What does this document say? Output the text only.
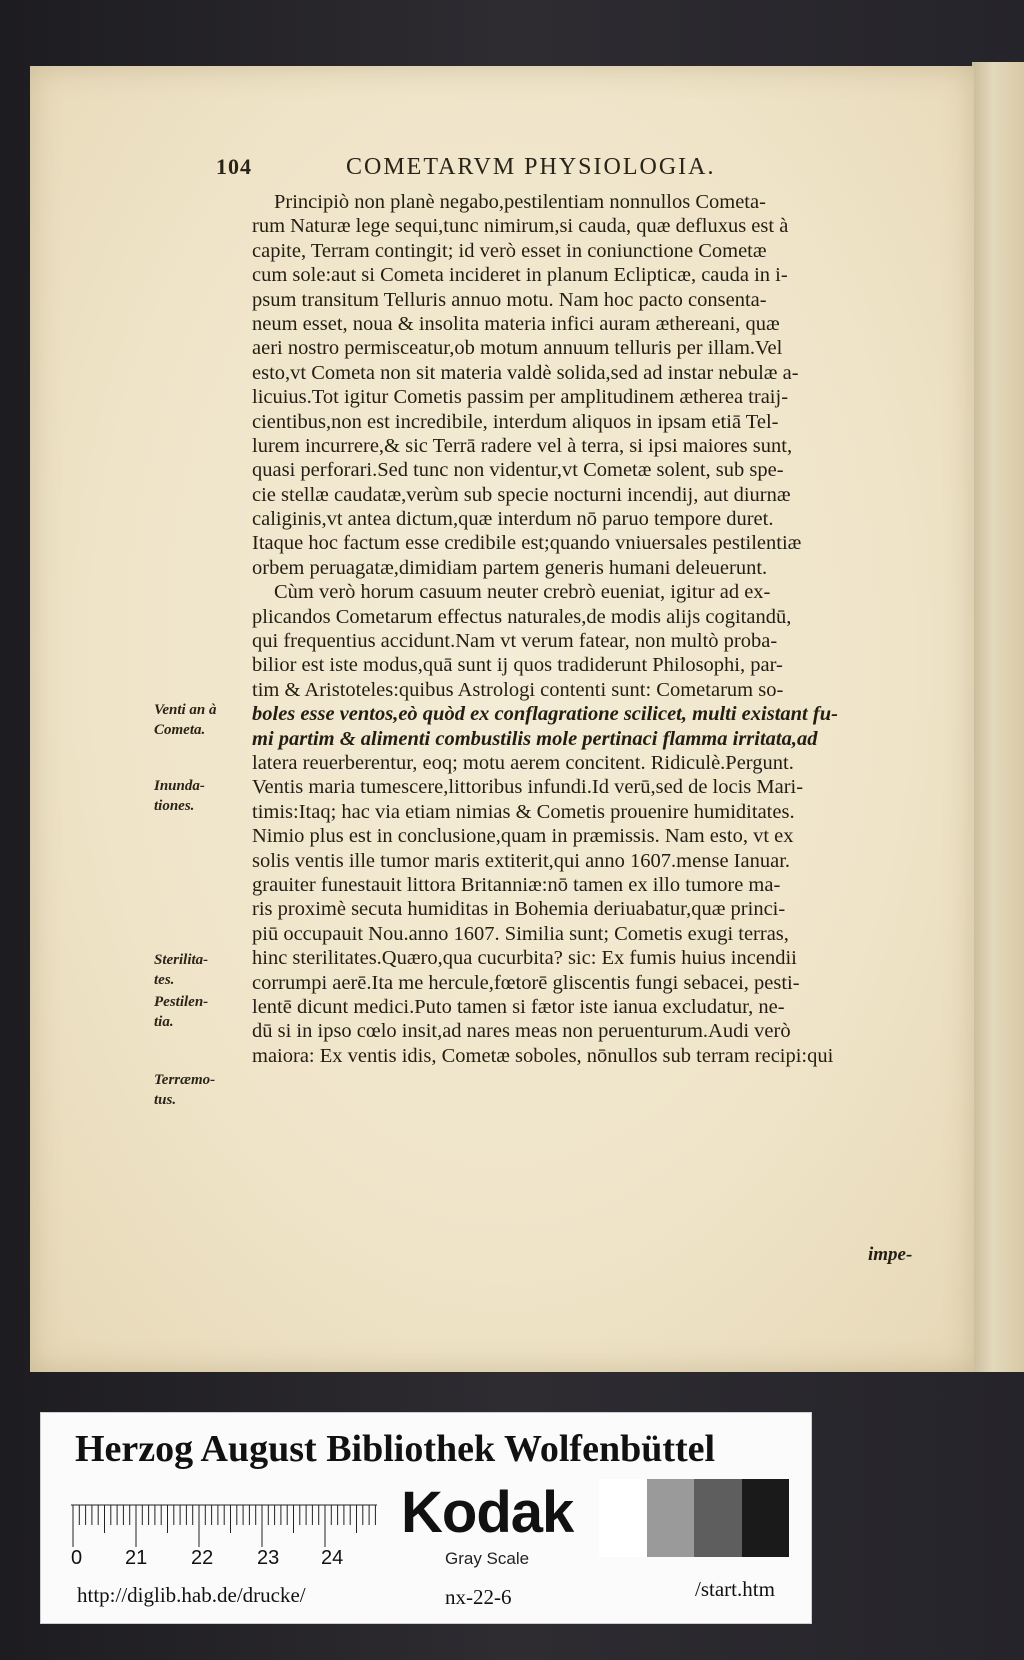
104	COMETARVM PHYSIOLOGIA.
Principiò non planè negabo,pestilentiam nonnullos Cometa-
rum Naturæ lege sequi,tunc nimirum,si cauda, quæ defluxus est à
capite, Terram contingit; id verò esset in coniunctione Cometæ
cum sole:aut si Cometa incideret in planum Eclipticæ, cauda in i-
psum transitum Telluris annuo motu. Nam hoc pacto consenta-
neum esset, noua & insolita materia infici auram æthereani, quæ
aeri nostro permisceatur,ob motum annuum telluris per illam.Vel
esto,vt Cometa non sit materia valdè solida,sed ad instar nebulæ a-
licuius.Tot igitur Cometis passim per amplitudinem ætherea traij-
cientibus,non est incredibile, interdum aliquos in ipsam etiā Tel-
lurem incurrere,& sic Terrā radere vel à terra, si ipsi maiores sunt,
quasi perforari.Sed tunc non videntur,vt Cometæ solent, sub spe-
cie stellæ caudatæ,verùm sub specie nocturni incendij, aut diurnæ
caliginis,vt antea dictum,quæ interdum nō paruo tempore duret.
Itaque hoc factum esse credibile est;quando vniuersales pestilentiæ
orbem peruagatæ,dimidiam partem generis humani deleuerunt.
Cùm verò horum casuum neuter crebrò eueniat, igitur ad ex-
plicandos Cometarum effectus naturales,de modis alijs cogitandū,
qui frequentius accidunt.Nam vt verum fatear, non multò proba-
bilior est iste modus,quā sunt ij quos tradiderunt Philosophi, par-
tim & Aristoteles:quibus Astrologi contenti sunt: Cometarum so-
boles esse ventos,eò quòd ex conflagratione scilicet, multi existant fu-
mi partim & alimenti combustilis mole pertinaci flamma irritata,ad
latera reuerberentur, eoq; motu aerem concitent. Ridiculè.Pergunt.
Ventis maria tumescere,littoribus infundi.Id verū,sed de locis Mari-
timis:Itaq; hac via etiam nimias & Cometis prouenire humiditates.
Nimio plus est in conclusione,quam in præmissis. Nam esto, vt ex
solis ventis ille tumor maris extiterit,qui anno 1607.mense Ianuar.
grauiter funestauit littora Britanniæ:nō tamen ex illo tumore ma-
ris proximè secuta humiditas in Bohemia deriuabatur,quæ princi-
piū occupauit Nou.anno 1607. Similia sunt; Cometis exugi terras,
hinc sterilitates.Quæro,qua cucurbita? sic: Ex fumis huius incendii
corrumpi aerē.Ita me hercule,fœtorē gliscentis fungi sebacei, pesti-
lentē dicunt medici.Puto tamen si fætor iste ianua excludatur, ne-
dū si in ipso cœlo insit,ad nares meas non peruenturum.Audi verò
maiora: Ex ventis idis, Cometæ soboles, nōnullos sub terram recipi:qui
impe-
Venti an à
Cometa.
Inunda-
tiones.
Sterilita-
tes.
Pestilen-
tia.
Terræmo-
tus.
Herzog August Bibliothek Wolfenbüttel
0 21 22 23 24
Kodak
Gray Scale
http://diglib.hab.de/drucke/	nx-22-6	/start.htm
